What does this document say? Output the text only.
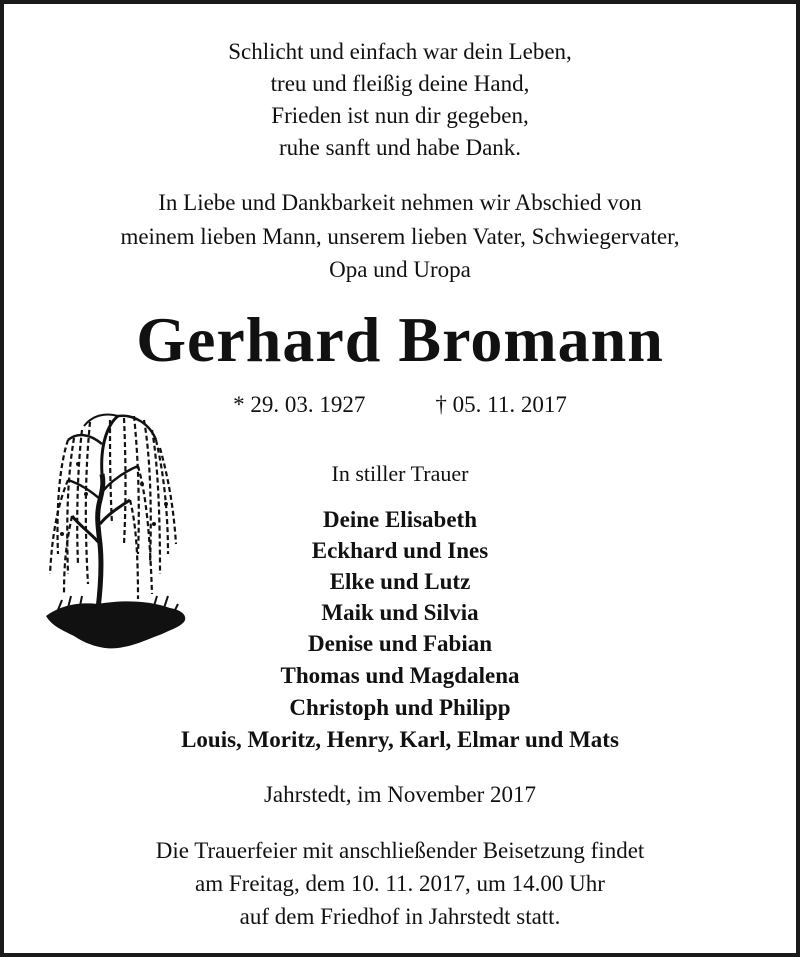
Schlicht und einfach war dein Leben,
treu und fleißig deine Hand,
Frieden ist nun dir gegeben,
ruhe sanft und habe Dank.
In Liebe und Dankbarkeit nehmen wir Abschied von
meinem lieben Mann, unserem lieben Vater, Schwiegervater,
Opa und Uropa
Gerhard Bromann
* 29. 03. 1927	† 05. 11. 2017
In stiller Trauer
Deine Elisabeth
Eckhard und Ines
Elke und Lutz
Maik und Silvia
Denise und Fabian
Thomas und Magdalena
Christoph und Philipp
Louis, Moritz, Henry, Karl, Elmar und Mats
Jahrstedt, im November 2017
Die Trauerfeier mit anschließender Beisetzung findet
am Freitag, dem 10. 11. 2017, um 14.00 Uhr
auf dem Friedhof in Jahrstedt statt.
